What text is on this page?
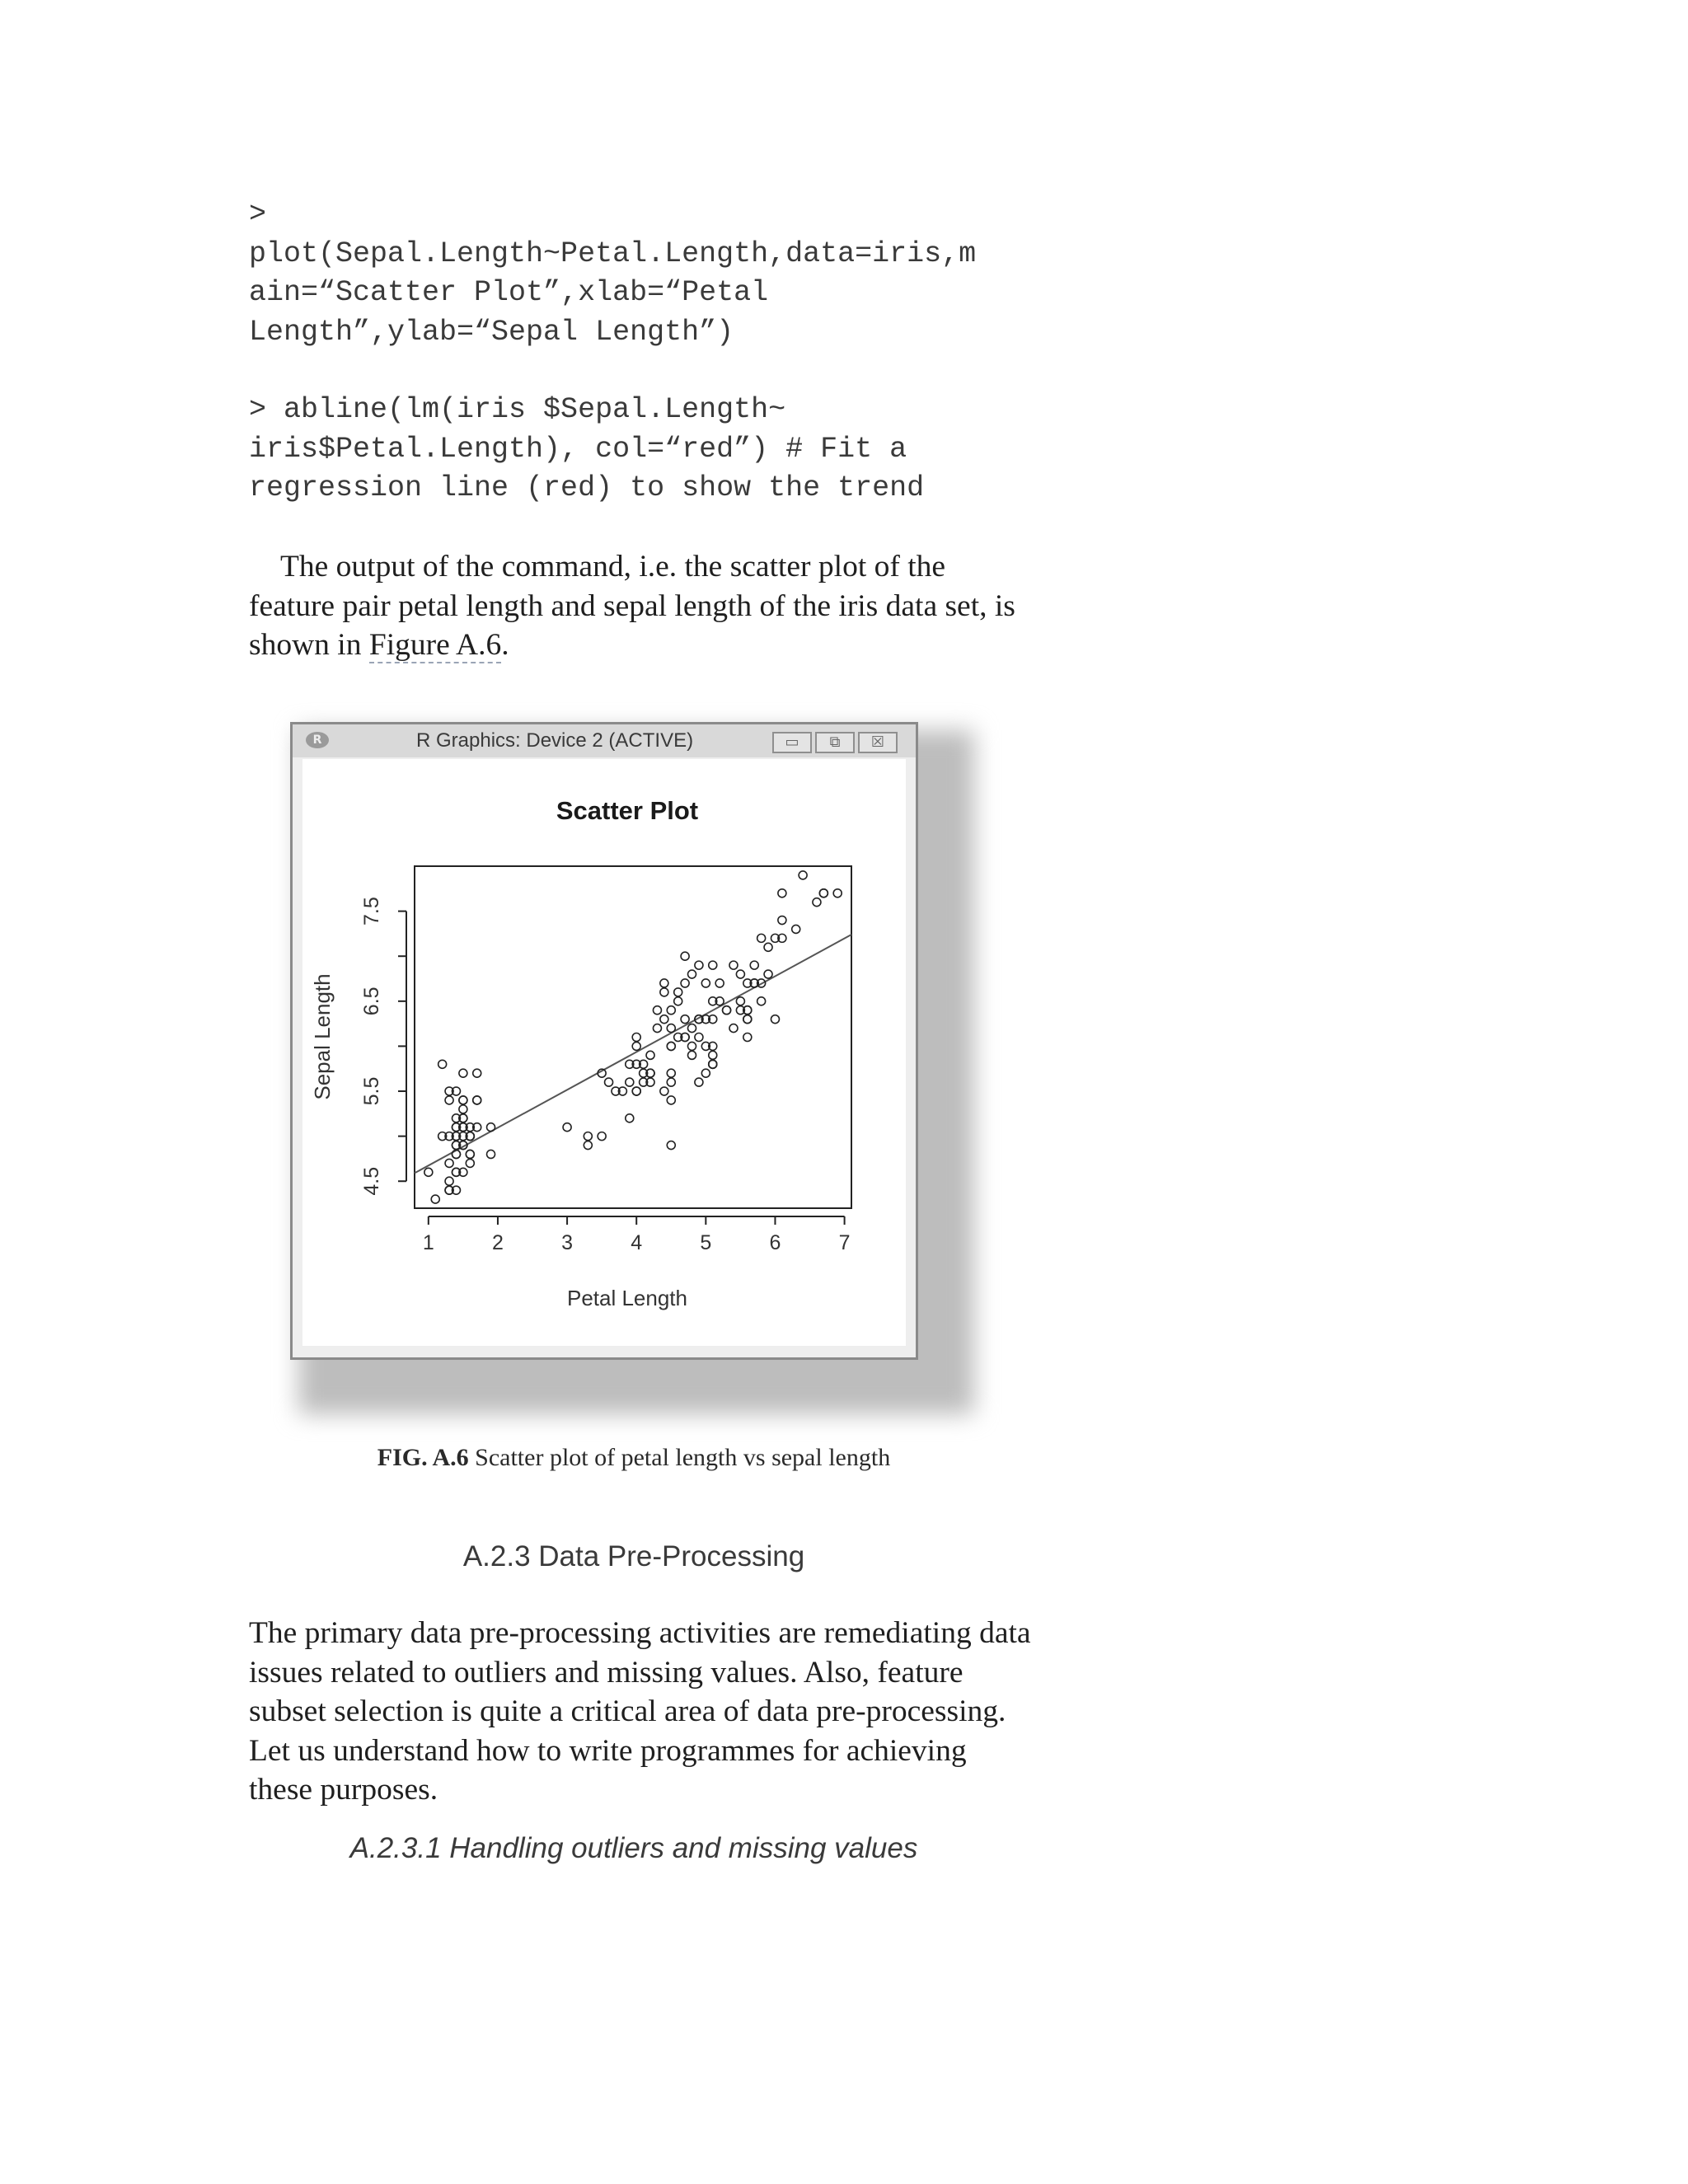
>
plot(Sepal.Length~Petal.Length,data=iris,m
ain=“Scatter Plot”,xlab=“Petal
Length”,ylab=“Sepal Length”)
> abline(lm(iris $Sepal.Length~
iris$Petal.Length), col=“red”) # Fit a
regression line (red) to show the trend

The output of the command, i.e. the scatter plot of the feature pair petal length and sepal length of the iris data set, is shown in Figure A.6.

R	R Graphics: Device 2 (ACTIVE)	▭	⧉	☒
Scatter Plot
1	2	3	4	5	6	7
4.5
5.5
6.5
7.5
Petal Length
Sepal Length
FIG. A.6 Scatter plot of petal length vs sepal length
A.2.3 Data Pre-Processing

The primary data pre-processing activities are remediating data issues related to outliers and missing values. Also, feature subset selection is quite a critical area of data pre-processing. Let us understand how to write programmes for achieving these purposes.

A.2.3.1 Handling outliers and missing values
